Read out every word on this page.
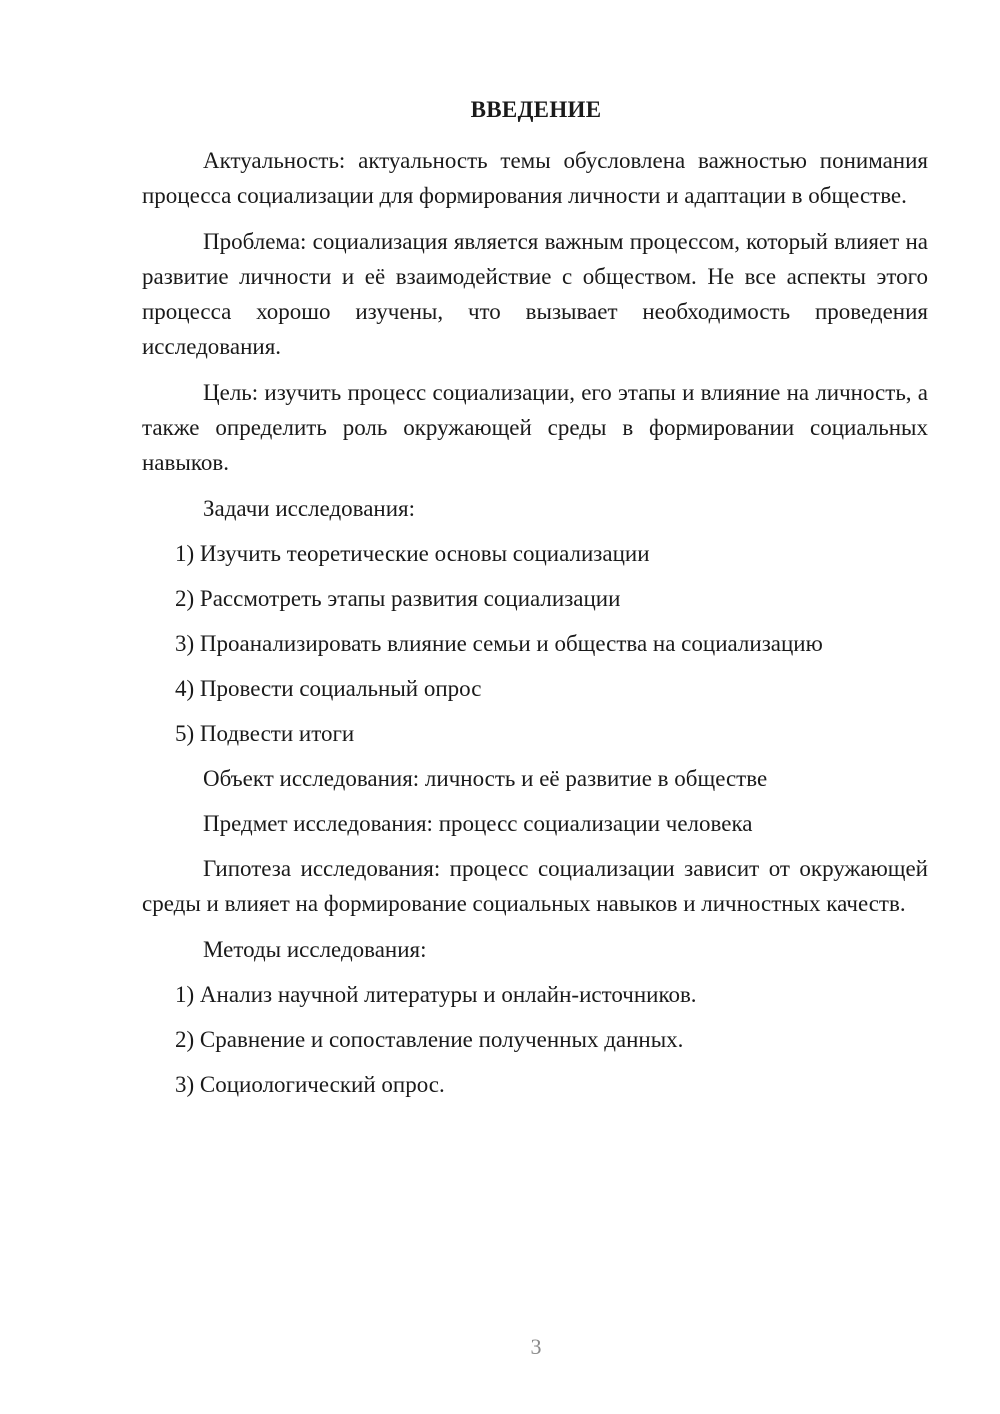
ВВЕДЕНИЕ

Актуальность: актуальность темы обусловлена важностью понимания процесса социализации для формирования личности и адаптации в обществе.

Проблема: социализация является важным процессом, который влияет на развитие личности и её взаимодействие с обществом. Не все аспекты этого процесса хорошо изучены, что вызывает необходимость проведения исследования.

Цель: изучить процесс социализации, его этапы и влияние на личность, а также определить роль окружающей среды в формировании социальных навыков.

Задачи исследования:
1) Изучить теоретические основы социализации
2) Рассмотреть этапы развития социализации
3) Проанализировать влияние семьи и общества на социализацию
4) Провести социальный опрос
5) Подвести итоги
Объект исследования: личность и её развитие в обществе
Предмет исследования: процесс социализации человека

Гипотеза исследования: процесс социализации зависит от окружающей среды и влияет на формирование социальных навыков и личностных качеств.

Методы исследования:
1) Анализ научной литературы и онлайн-источников.
2) Сравнение и сопоставление полученных данных.
3) Социологический опрос.
3
